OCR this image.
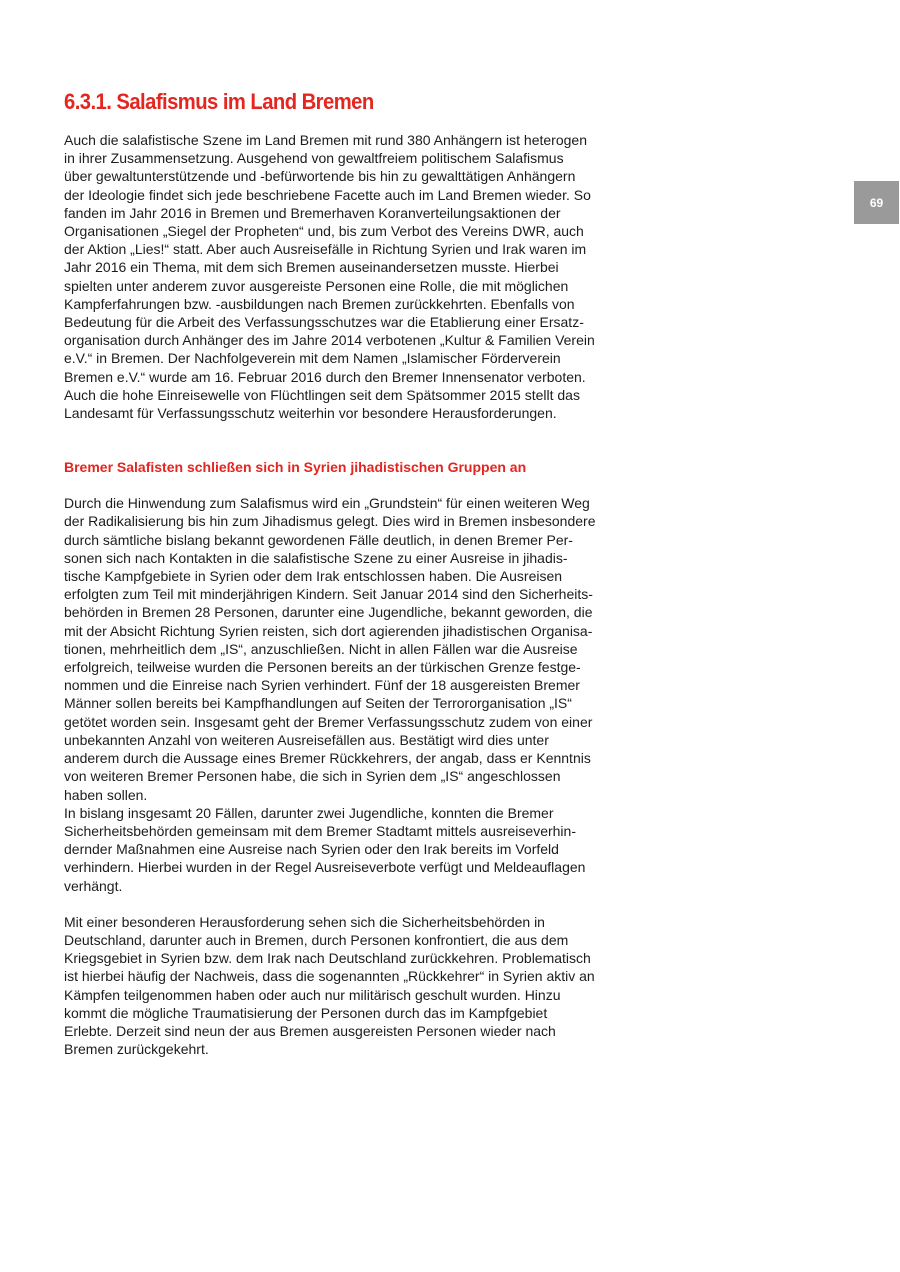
69
6.3.1. Salafismus im Land Bremen

Auch die salafistische Szene im Land Bremen mit rund 380 Anhängern ist heterogen
in ihrer Zusammensetzung. Ausgehend von gewaltfreiem politischem Salafismus
über gewaltunterstützende und -befürwortende bis hin zu gewalttätigen Anhängern
der Ideologie findet sich jede beschriebene Facette auch im Land Bremen wieder. So
fanden im Jahr 2016 in Bremen und Bremerhaven Koranverteilungsaktionen der
Organisationen „Siegel der Propheten“ und, bis zum Verbot des Vereins DWR, auch
der Aktion „Lies!“ statt. Aber auch Ausreisefälle in Richtung Syrien und Irak waren im
Jahr 2016 ein Thema, mit dem sich Bremen auseinandersetzen musste. Hierbei
spielten unter anderem zuvor ausgereiste Personen eine Rolle, die mit möglichen
Kampferfahrungen bzw. -ausbildungen nach Bremen zurückkehrten. Ebenfalls von
Bedeutung für die Arbeit des Verfassungsschutzes war die Etablierung einer Ersatz-
organisation durch Anhänger des im Jahre 2014 verbotenen „Kultur & Familien Verein
e.V.“ in Bremen. Der Nachfolgeverein mit dem Namen „Islamischer Förderverein
Bremen e.V.“ wurde am 16. Februar 2016 durch den Bremer Innensenator verboten.
Auch die hohe Einreisewelle von Flüchtlingen seit dem Spätsommer 2015 stellt das
Landesamt für Verfassungsschutz weiterhin vor besondere Herausforderungen.

Bremer Salafisten schließen sich in Syrien jihadistischen Gruppen an

Durch die Hinwendung zum Salafismus wird ein „Grundstein“ für einen weiteren Weg
der Radikalisierung bis hin zum Jihadismus gelegt. Dies wird in Bremen insbesondere
durch sämtliche bislang bekannt gewordenen Fälle deutlich, in denen Bremer Per-
sonen sich nach Kontakten in die salafistische Szene zu einer Ausreise in jihadis-
tische Kampfgebiete in Syrien oder dem Irak entschlossen haben. Die Ausreisen
erfolgten zum Teil mit minderjährigen Kindern. Seit Januar 2014 sind den Sicherheits-
behörden in Bremen 28 Personen, darunter eine Jugendliche, bekannt geworden, die
mit der Absicht Richtung Syrien reisten, sich dort agierenden jihadistischen Organisa-
tionen, mehrheitlich dem „IS“, anzuschließen. Nicht in allen Fällen war die Ausreise
erfolgreich, teilweise wurden die Personen bereits an der türkischen Grenze festge-
nommen und die Einreise nach Syrien verhindert. Fünf der 18 ausgereisten Bremer
Männer sollen bereits bei Kampfhandlungen auf Seiten der Terrororganisation „IS“
getötet worden sein. Insgesamt geht der Bremer Verfassungsschutz zudem von einer
unbekannten Anzahl von weiteren Ausreisefällen aus. Bestätigt wird dies unter
anderem durch die Aussage eines Bremer Rückkehrers, der angab, dass er Kenntnis
von weiteren Bremer Personen habe, die sich in Syrien dem „IS“ angeschlossen
haben sollen.
In bislang insgesamt 20 Fällen, darunter zwei Jugendliche, konnten die Bremer
Sicherheitsbehörden gemeinsam mit dem Bremer Stadtamt mittels ausreiseverhin-
dernder Maßnahmen eine Ausreise nach Syrien oder den Irak bereits im Vorfeld
verhindern. Hierbei wurden in der Regel Ausreiseverbote verfügt und Meldeauflagen
verhängt.

Mit einer besonderen Herausforderung sehen sich die Sicherheitsbehörden in
Deutschland, darunter auch in Bremen, durch Personen konfrontiert, die aus dem
Kriegsgebiet in Syrien bzw. dem Irak nach Deutschland zurückkehren. Problematisch
ist hierbei häufig der Nachweis, dass die sogenannten „Rückkehrer“ in Syrien aktiv an
Kämpfen teilgenommen haben oder auch nur militärisch geschult wurden. Hinzu
kommt die mögliche Traumatisierung der Personen durch das im Kampfgebiet
Erlebte. Derzeit sind neun der aus Bremen ausgereisten Personen wieder nach
Bremen zurückgekehrt.
